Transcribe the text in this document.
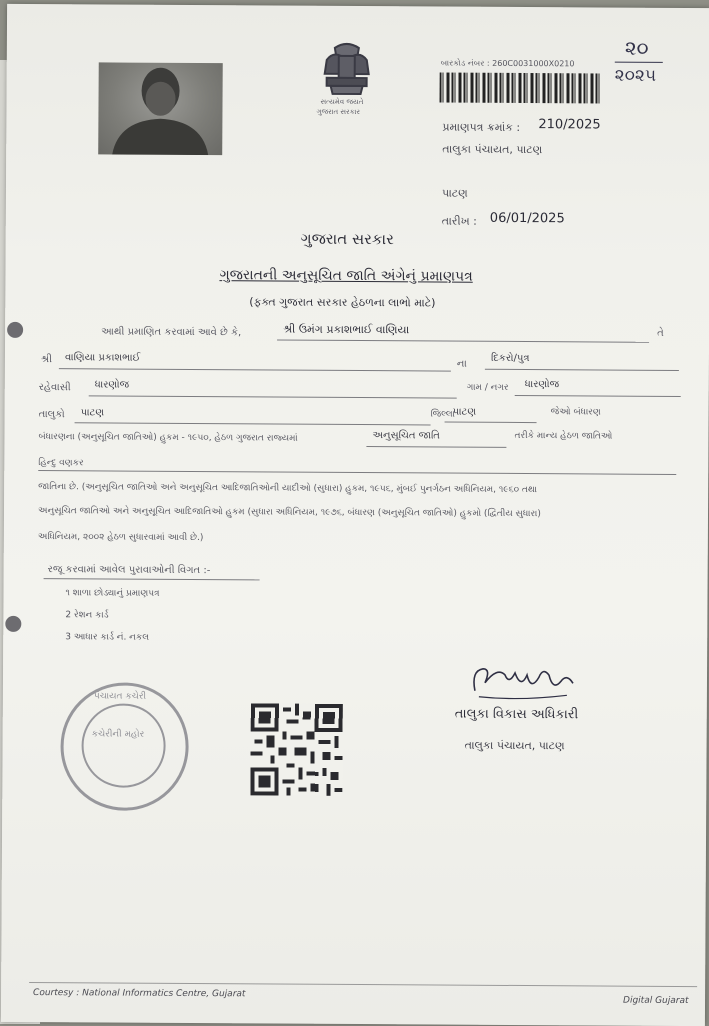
સત્યમેવ જયતે
ગુજરાત સરકાર
બારકોડ નંબર : 260C0031000X0210
૨૦
૨૦૨૫
પ્રમાણપત્ર ક્રમાંક : 210/2025
તાલુકા પંચાયત, પાટણ
પાટણ
તારીખ : 06/01/2025
ગુજરાત સરકાર
ગુજરાતની અનુસૂચિત જાતિ અંગેનું પ્રમાણપત્ર
(ફક્ત ગુજરાત સરકાર હેઠળના લાભો માટે)
આથી પ્રમાણિત કરવામાં આવે છે કે,	શ્રી ઉમંગ પ્રકાશભાઈ વાણિયા	તે
શ્રી વાણિયા પ્રકાશભાઈ
ના
દિકરો/પુત્ર
રહેવાસી ધારણોજ	ગામ / નગર ધારણોજ
તાલુકો પાટણ	જિલ્લા
પાટણ	જેઓ બંધારણ
બંધારણના (અનુસૂચિત જાતિઓ) હુકમ - ૧૯૫૦, હેઠળ ગુજરાત રાજ્યમાં	અનુસૂચિત જાતિ	તરીકે માન્ય હેઠળ જાતિઓ
હિન્દુ વણકર
જાતિના છે. (અનુસૂચિત જાતિઓ અને અનુસૂચિત આદિજાતિઓની યાદીઓ (સુધારા) હુકમ, ૧૯૫૬, મુંબઈ પુનર્ગઠન અધિનિયમ, ૧૯૬૦ તથા
અનુસૂચિત જાતિઓ અને અનુસૂચિત આદિજાતિઓ હુકમ (સુધારા અધિનિયમ, ૧૯૭૬, બંધારણ (અનુસૂચિત જાતિઓ) હુકમો (દ્વિતીય સુધારા)
અધિનિયમ, ૨૦૦૨ હેઠળ સુધારવામાં આવી છે.)
રજૂ કરવામાં આવેલ પુરાવાઓની વિગત :-
૧ શાળા છોડ્યાનું પ્રમાણપત્ર
2 રેશન કાર્ડ
3 આધાર કાર્ડ નં. નકલ
પંચાયત કચેરી
કચેરીની મહોર
તાલુકા વિકાસ અધિકારી
તાલુકા પંચાયત, પાટણ
Courtesy : National Informatics Centre, Gujarat
Digital Gujarat
